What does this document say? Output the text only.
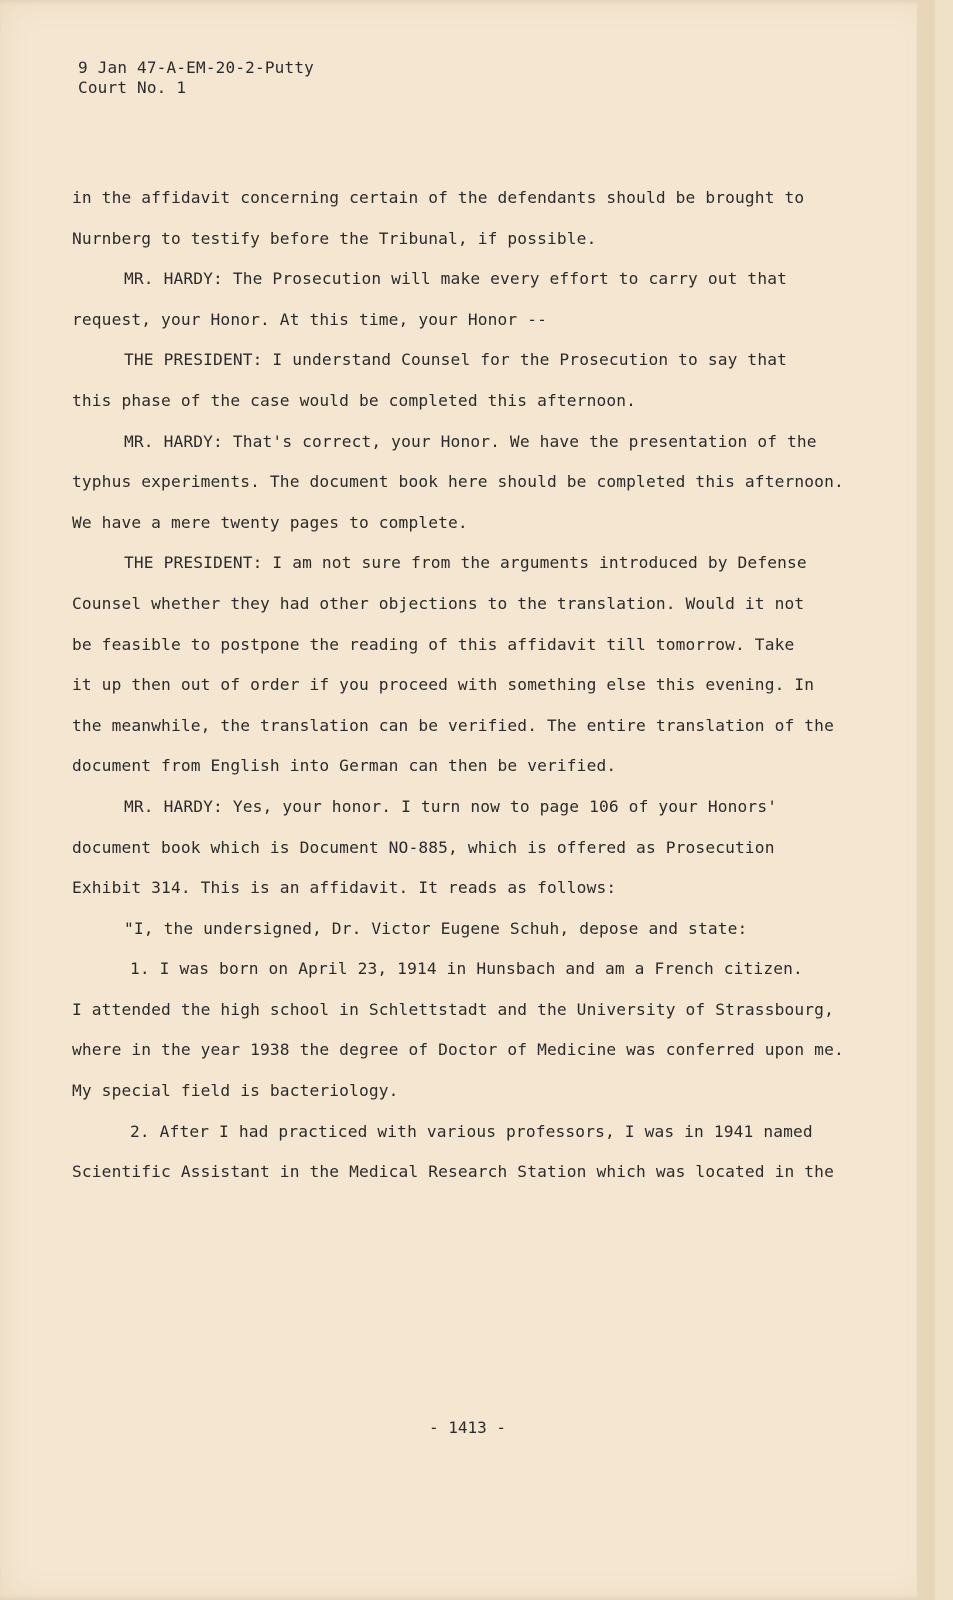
9 Jan 47-A-EM-20-2-Putty
Court No. 1
in the affidavit concerning certain of the defendants should be brought to
Nurnberg to testify before the Tribunal, if possible.
MR. HARDY: The Prosecution will make every effort to carry out that
request, your Honor. At this time, your Honor --
THE PRESIDENT: I understand Counsel for the Prosecution to say that
this phase of the case would be completed this afternoon.
MR. HARDY: That's correct, your Honor. We have the presentation of the
typhus experiments. The document book here should be completed this afternoon.
We have a mere twenty pages to complete.
THE PRESIDENT: I am not sure from the arguments introduced by Defense
Counsel whether they had other objections to the translation. Would it not
be feasible to postpone the reading of this affidavit till tomorrow. Take
it up then out of order if you proceed with something else this evening. In
the meanwhile, the translation can be verified. The entire translation of the
document from English into German can then be verified.
MR. HARDY: Yes, your honor. I turn now to page 106 of your Honors'
document book which is Document NO-885, which is offered as Prosecution
Exhibit 314. This is an affidavit. It reads as follows:
"I, the undersigned, Dr. Victor Eugene Schuh, depose and state:
1. I was born on April 23, 1914 in Hunsbach and am a French citizen.
I attended the high school in Schlettstadt and the University of Strassbourg,
where in the year 1938 the degree of Doctor of Medicine was conferred upon me.
My special field is bacteriology.
2. After I had practiced with various professors, I was in 1941 named
Scientific Assistant in the Medical Research Station which was located in the
- 1413 -
